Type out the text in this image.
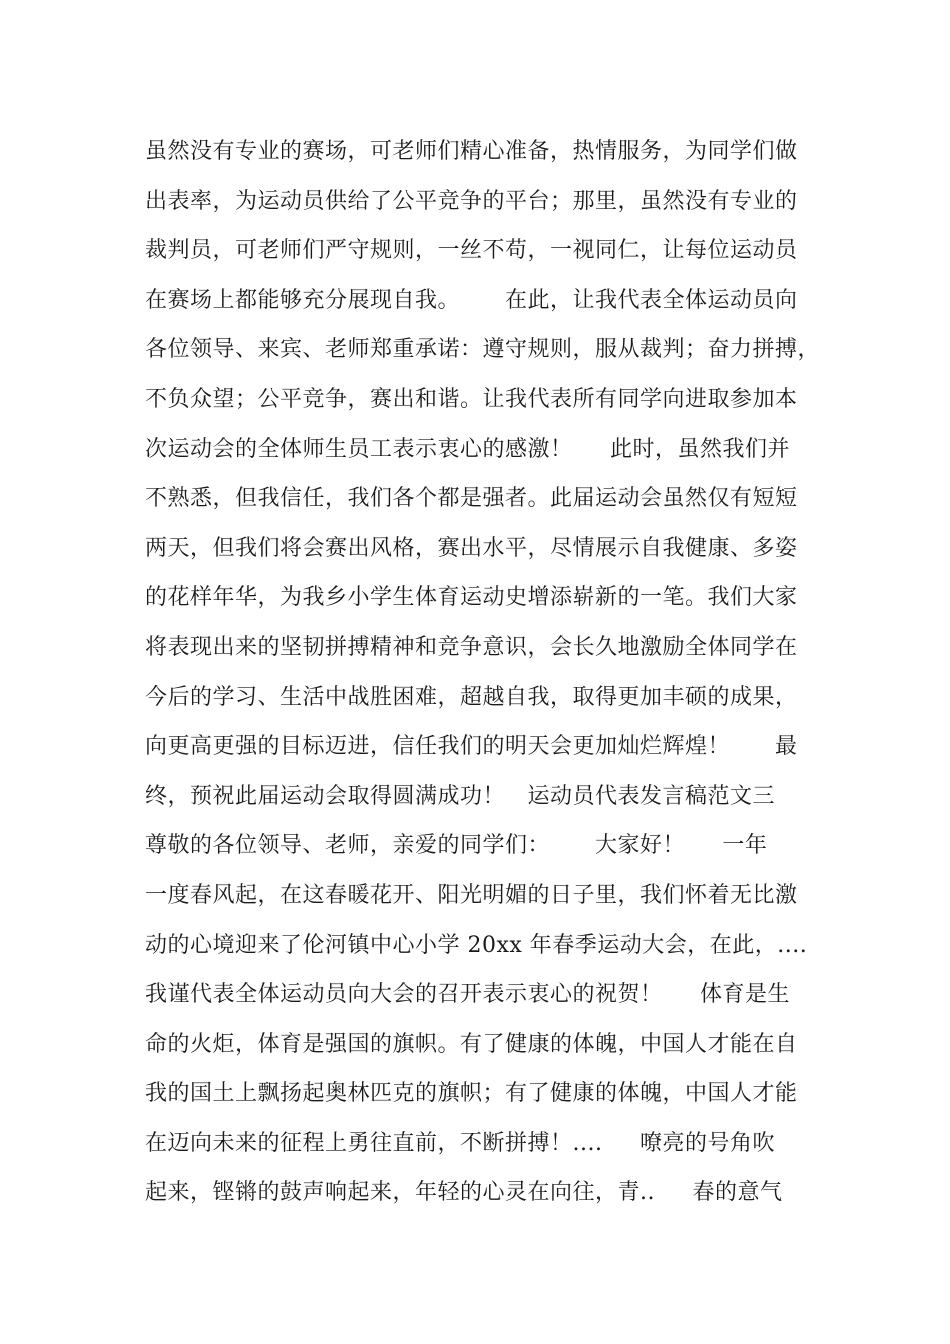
虽然没有专业的赛场，可老师们精心准备，热情服务，为同学们做
出表率，为运动员供给了公平竞争的平台；那里，虽然没有专业的
裁判员，可老师们严守规则，一丝不苟，一视同仁，让每位运动员
在赛场上都能够充分展现自我。      在此，让我代表全体运动员向
各位领导、来宾、老师郑重承诺：遵守规则，服从裁判；奋力拼搏，
不负众望；公平竞争，赛出和谐。让我代表所有同学向进取参加本
次运动会的全体师生员工表示衷心的感激！     此时，虽然我们并
不熟悉，但我信任，我们各个都是强者。此届运动会虽然仅有短短
两天，但我们将会赛出风格，赛出水平，尽情展示自我健康、多姿
的花样年华，为我乡小学生体育运动史增添崭新的一笔。我们大家
将表现出来的坚韧拼搏精神和竞争意识，会长久地激励全体同学在
今后的学习、生活中战胜困难，超越自我，取得更加丰硕的成果，
向更高更强的目标迈进，信任我们的明天会更加灿烂辉煌！      最
终，预祝此届运动会取得圆满成功！   运动员代表发言稿范文三
尊敬的各位领导、老师，亲爱的同学们：      大家好！     一年
一度春风起，在这春暖花开、阳光明媚的日子里，我们怀着无比激
动的心境迎来了伦河镇中心小学 20xx 年春季运动大会，在此，....
我谨代表全体运动员向大会的召开表示衷心的祝贺！     体育是生
命的火炬，体育是强国的旗帜。有了健康的体魄，中国人才能在自
我的国土上飘扬起奥林匹克的旗帜；有了健康的体魄，中国人才能
在迈向未来的征程上勇往直前，不断拼搏！....     嘹亮的号角吹
起来，铿锵的鼓声响起来，年轻的心灵在向往，青..     春的意气
